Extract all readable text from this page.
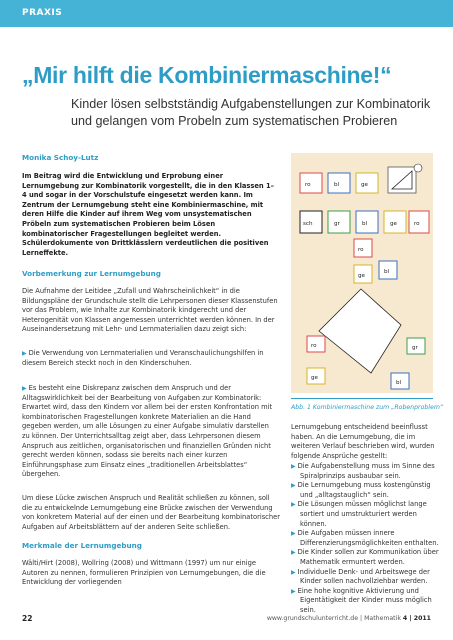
PRAXIS
„Mir hilft die Kombiniermaschine!“
Kinder lösen selbstständig Aufgabenstellungen zur Kombinatorik und gelangen vom Probeln zum systematischen Probieren
Monika Schoy-Lutz
Im Beitrag wird die Entwicklung und Erprobung einer Lernumgebung zur Kombinatorik vorgestellt, die in den Klassen 1–4 und sogar in der Vorschulstufe eingesetzt werden kann. Im Zentrum der Lernumgebung steht eine Kombiniermaschine, mit deren Hilfe die Kinder auf ihrem Weg vom unsystematischen Pröbeln zum systematischen Probieren beim Lösen kombinatorischer Fragestellungen begleitet werden. Schülerdokumente von Drittklässlern verdeutlichen die positiven Lerneffekte.
Vorbemerkung zur Lernumgebung
Die Aufnahme der Leitidee „Zufall und Wahrscheinlichkeit“ in die Bildungspläne der Grundschule stellt die Lehrpersonen dieser Klassenstufen vor das Problem, wie Inhalte zur Kombinatorik kindgerecht und der Heterogenität von Klassen angemessen unterrichtet werden können. In der Auseinandersetzung mit Lehr- und Lernmaterialien dazu zeigt sich:
▶ Die Verwendung von Lernmaterialien und Veranschaulichungshilfen in diesem Bereich steckt noch in den Kinderschuhen.
▶ Es besteht eine Diskrepanz zwischen dem Anspruch und der Alltagswirklichkeit bei der Bearbeitung von Aufgaben zur Kombinatorik: Erwartet wird, dass den Kindern vor allem bei der ersten Konfrontation mit kombinatorischen Fragestellungen konkrete Materialien an die Hand gegeben werden, um alle Lösungen zu einer Aufgabe simulativ darstellen zu können. Der Unterrichtsalltag zeigt aber, dass Lehrpersonen diesem Anspruch aus zeitlichen, organisatorischen und finanziellen Gründen nicht gerecht werden können, sodass sie bereits nach einer kurzen Einführungsphase zum Einsatz eines „traditionellen Arbeitsblattes“ übergehen.
Um diese Lücke zwischen Anspruch und Realität schließen zu können, soll die zu entwickelnde Lernumgebung eine Brücke zwischen der Verwendung von konkretem Material auf der einen und der Bearbeitung kombinatorischer Aufgaben auf Arbeitsblättern auf der anderen Seite schließen.
Merkmale der Lernumgebung
Wälti/Hirt (2008), Wollring (2008) und Wittmann (1997) um nur einige Autoren zu nennen, formulieren Prinzipien von Lernumgebungen, die die Entwicklung der vorliegenden
ro	bl	ge
sch	gr	bl	ge	ro
ro
bl
ge
ro	gr
ge
bl
Abb. 1 Kombiniermaschine zum „Robenproblem“
Lernumgebung entscheidend beeinflusst haben. An die Lernumgebung, die im weiteren Verlauf beschrieben wird, wurden folgende Ansprüche gestellt:
▶ Die Aufgabenstellung muss im Sinne des Spiralprinzips ausbaubar sein.
▶ Die Lernumgebung muss kostengünstig und „alltagstauglich“ sein.
▶ Die Lösungen müssen möglichst lange sortiert und umstrukturiert werden können.
▶ Die Aufgaben müssen innere Differenzierungsmöglichkeiten enthalten.
▶ Die Kinder sollen zur Kommunikation über Mathematik ermuntert werden.
▶ Individuelle Denk- und Arbeitswege der Kinder sollen nachvollziehbar werden.
▶ Eine hohe kognitive Aktivierung und Eigentätigkeit der Kinder muss möglich sein.
22	www.grundschulunterricht.de | Mathematik 4 | 2011
